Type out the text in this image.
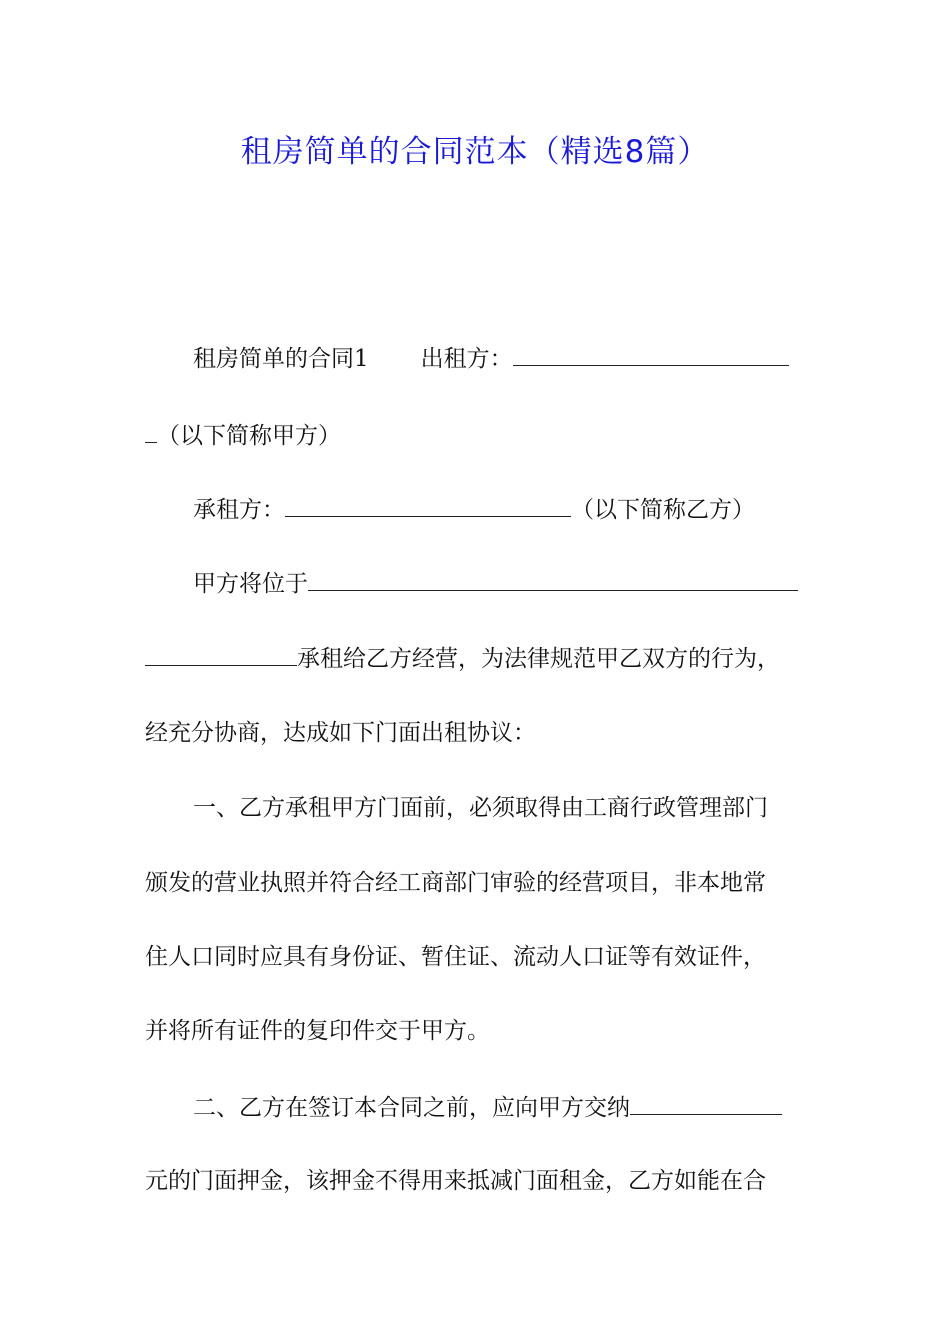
租房简单的合同范本（精选8篇）
租房简单的合同1 出租方：
（以下简称甲方）
承租方：	（以下简称乙方）
甲方将位于
承租给乙方经营，为法律规范甲乙双方的行为，
经充分协商，达成如下门面出租协议：
一、乙方承租甲方门面前，必须取得由工商行政管理部门
颁发的营业执照并符合经工商部门审验的经营项目，非本地常
住人口同时应具有身份证、暂住证、流动人口证等有效证件，
并将所有证件的复印件交于甲方。
二、乙方在签订本合同之前，应向甲方交纳
元的门面押金，该押金不得用来抵减门面租金，乙方如能在合
